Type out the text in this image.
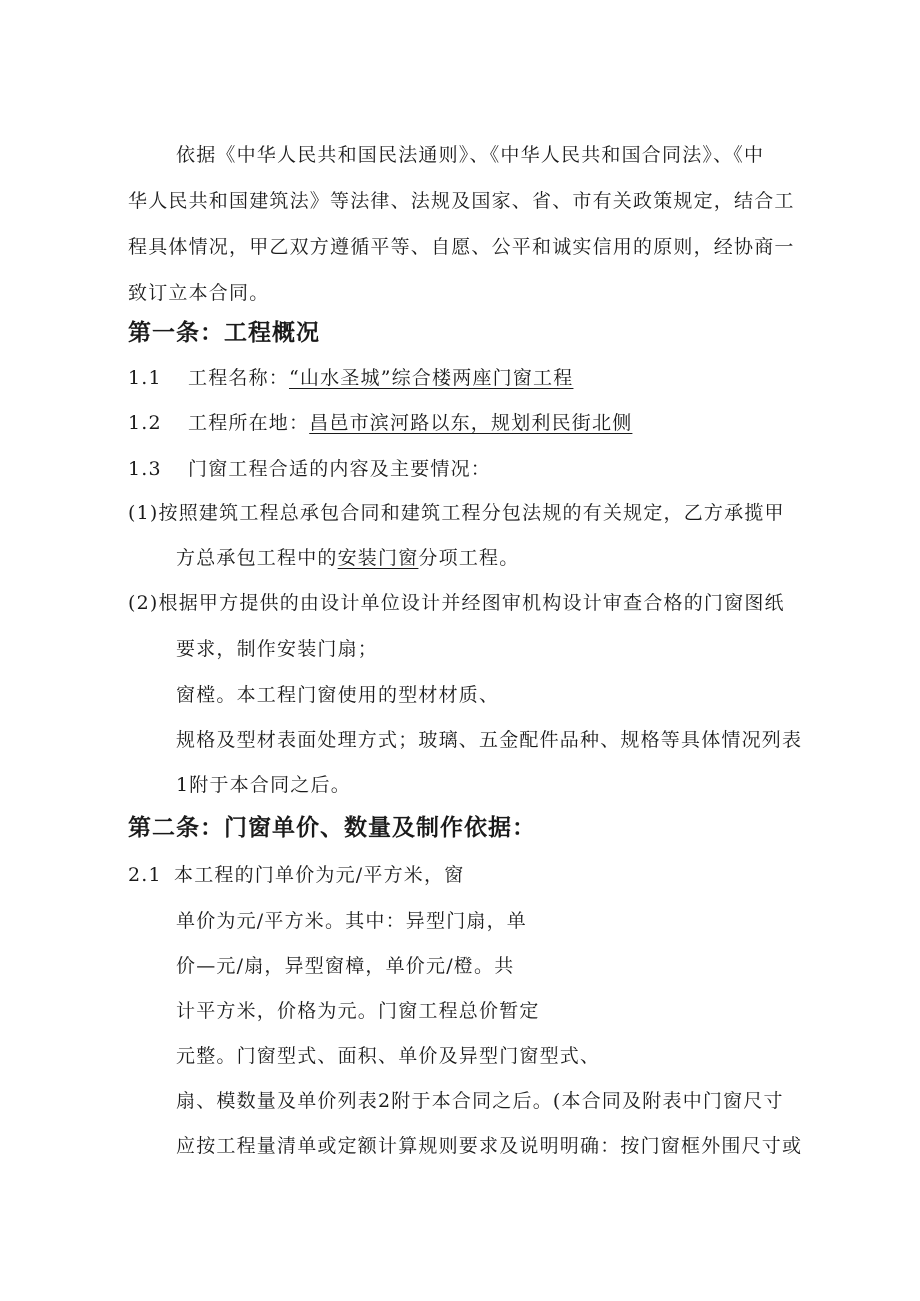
依据《中华人民共和国民法通则》、《中华人民共和国合同法》、《中
华人民共和国建筑法》等法律、法规及国家、省、市有关政策规定，结合工
程具体情况，甲乙双方遵循平等、自愿、公平和诚实信用的原则，经协商一
致订立本合同。
第一条：工程概况
1.1 工程名称：“山水圣城”综合楼两座门窗工程
1.2 工程所在地：昌邑市滨河路以东，规划利民街北侧
1.3 门窗工程合适的内容及主要情况：
(1)按照建筑工程总承包合同和建筑工程分包法规的有关规定，乙方承揽甲
方总承包工程中的安装门窗分项工程。
(2)根据甲方提供的由设计单位设计并经图审机构设计审查合格的门窗图纸
要求，制作安装门扇；
窗樘。本工程门窗使用的型材材质、
规格及型材表面处理方式；玻璃、五金配件品种、规格等具体情况列表
1附于本合同之后。
第二条：门窗单价、数量及制作依据：
2.1 本工程的门单价为元/平方米，窗
单价为元/平方米。其中：异型门扇，单
价—元/扇，异型窗樟，单价元/橙。共
计平方米，价格为元。门窗工程总价暂定
元整。门窗型式、面积、单价及异型门窗型式、
扇、模数量及单价列表2附于本合同之后。(本合同及附表中门窗尺寸
应按工程量清单或定额计算规则要求及说明明确：按门窗框外围尺寸或
